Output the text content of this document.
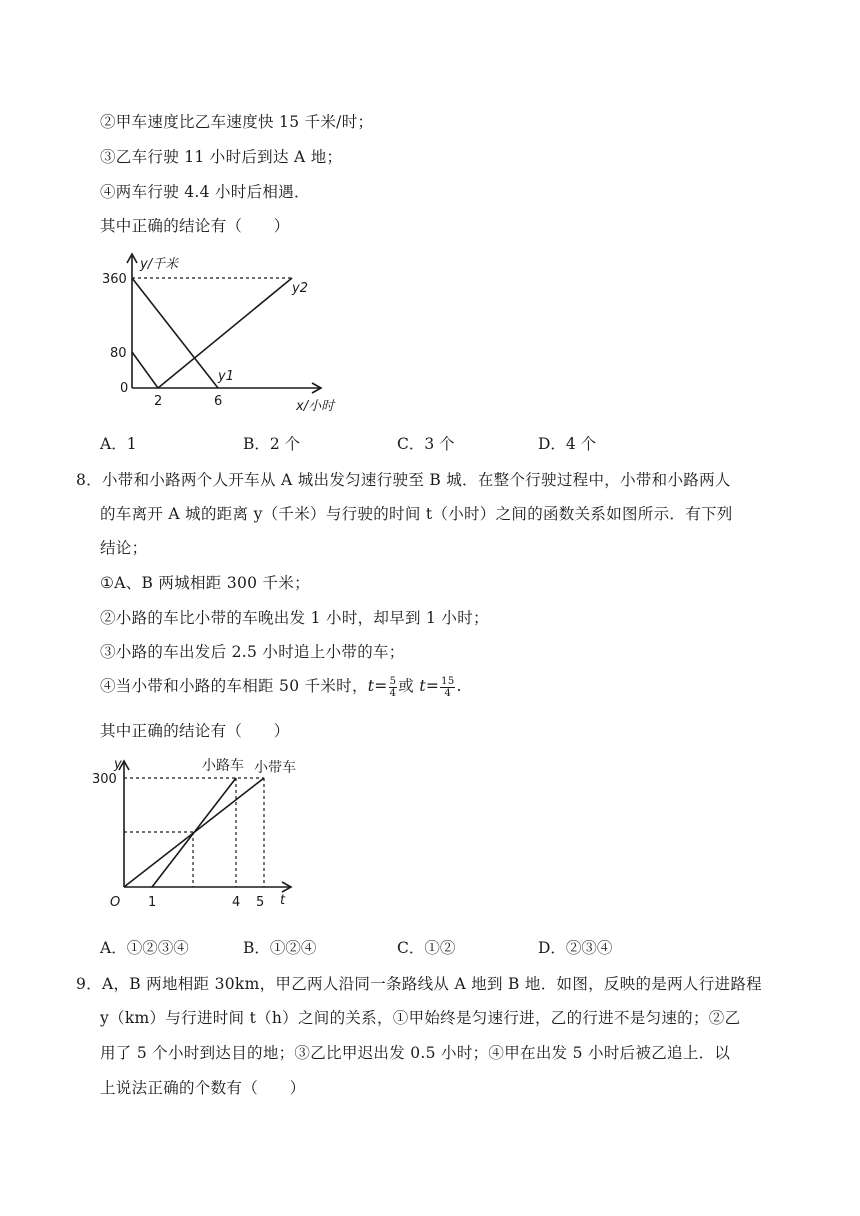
②甲车速度比乙车速度快 15 千米/时；
③乙车行驶 11 小时后到达 A 地；
④两车行驶 4.4 小时后相遇．
其中正确的结论有（　　）
y/千米
360
80
0
2	6	x/小时
y2
y1
A．1	B．2 个	C．3 个	D．4 个
8．小带和小路两个人开车从 A 城出发匀速行驶至 B 城．在整个行驶过程中，小带和小路两人
的车离开 A 城的距离 y（千米）与行驶的时间 t（小时）之间的函数关系如图所示．有下列
结论；
①A、B 两城相距 300 千米；
②小路的车比小带的车晚出发 1 小时，却早到 1 小时；
③小路的车出发后 2.5 小时追上小带的车；
④当小带和小路的车相距 50 千米时，$t= \frac{5}{4}$ 或 $t= \frac{15}{4}$ .
其中正确的结论有（　　）
y
300
O 1	4 5 t
小路车 小带车
A．①②③④	B．①②④	C．①②	D．②③④
9．A，B 两地相距 30km，甲乙两人沿同一条路线从 A 地到 B 地．如图，反映的是两人行进路程
y（km）与行进时间 t（h）之间的关系，①甲始终是匀速行进，乙的行进不是匀速的；②乙
用了 5 个小时到达目的地；③乙比甲迟出发 0.5 小时；④甲在出发 5 小时后被乙追上．以
上说法正确的个数有（　　）
